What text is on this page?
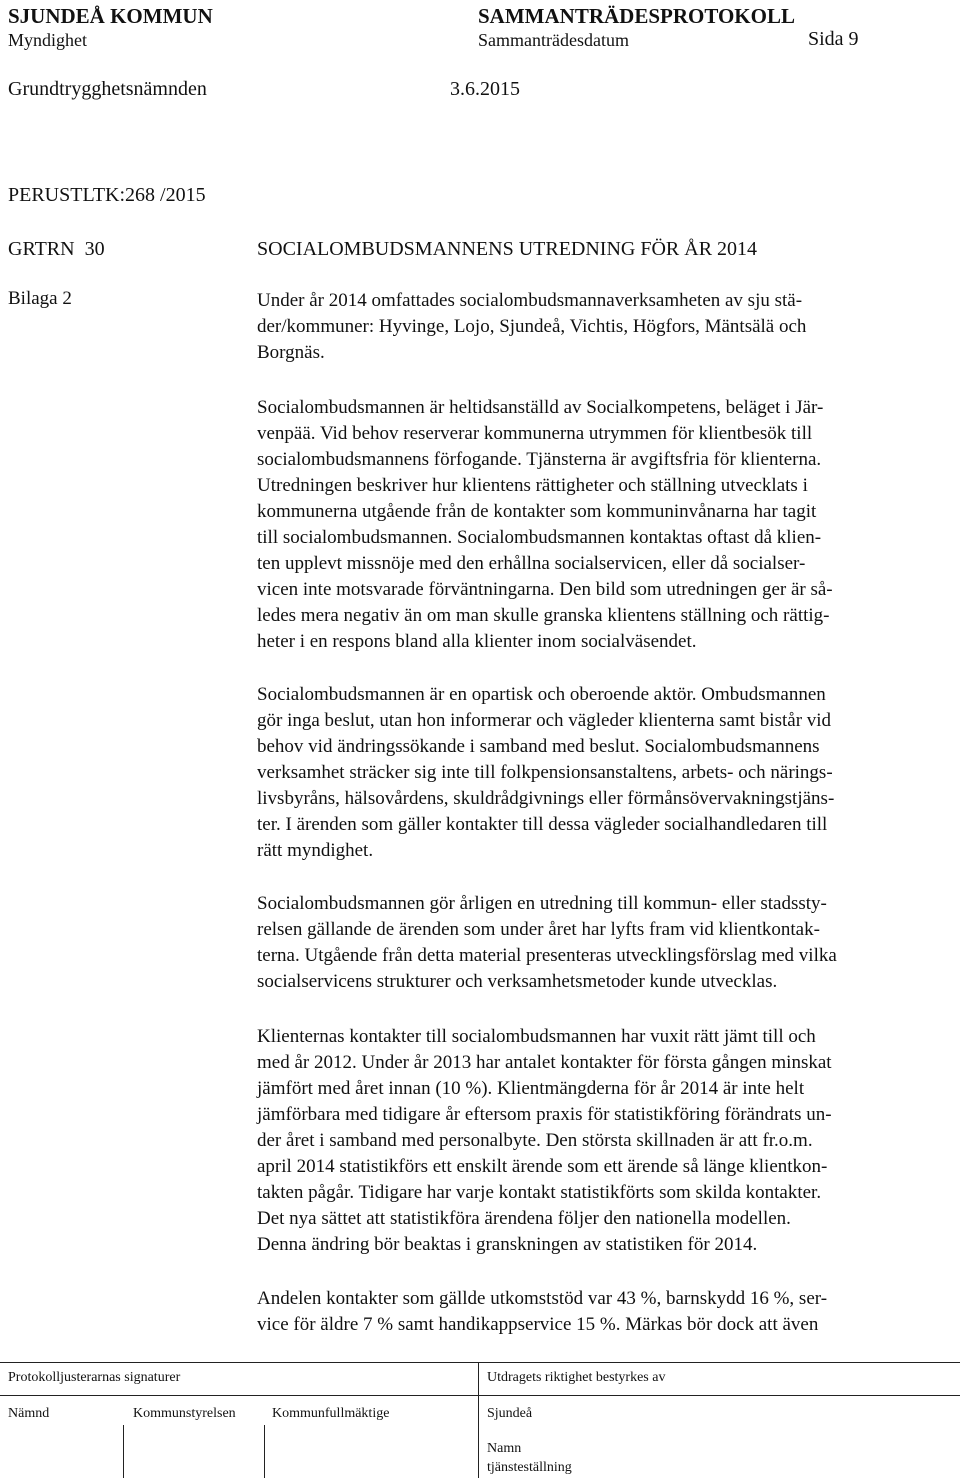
SJUNDEÅ KOMMUN	SAMMANTRÄDESPROTOKOLL
Myndighet	Sammanträdesdatum	Sida 9
Grundtrygghetsnämnden	3.6.2015
PERUSTLTK:268 /2015
GRTRN  30	SOCIALOMBUDSMANNENS UTREDNING FÖR ÅR 2014
Bilaga 2	Under år 2014 omfattades socialombudsmannaverksamheten av sju stä-

der/kommuner: Hyvinge, Lojo, Sjundeå, Vichtis, Högfors, Mäntsälä och

Borgnäs.

Socialombudsmannen är heltidsanställd av Socialkompetens, beläget i Jär-

venpää. Vid behov reserverar kommunerna utrymmen för klientbesök till

socialombudsmannens förfogande. Tjänsterna är avgiftsfria för klienterna.

Utredningen beskriver hur klientens rättigheter och ställning utvecklats i

kommunerna utgående från de kontakter som kommuninvånarna har tagit

till socialombudsmannen. Socialombudsmannen kontaktas oftast då klien-

ten upplevt missnöje med den erhållna socialservicen, eller då socialser-

vicen inte motsvarade förväntningarna. Den bild som utredningen ger är så-

ledes mera negativ än om man skulle granska klientens ställning och rättig-

heter i en respons bland alla klienter inom socialväsendet.

Socialombudsmannen är en opartisk och oberoende aktör. Ombudsmannen

gör inga beslut, utan hon informerar och vägleder klienterna samt bistår vid

behov vid ändringssökande i samband med beslut. Socialombudsmannens

verksamhet sträcker sig inte till folkpensionsanstaltens, arbets- och närings-

livsbyråns, hälsovårdens, skuldrådgivnings eller förmånsövervakningstjäns-

ter. I ärenden som gäller kontakter till dessa vägleder socialhandledaren till

rätt myndighet.

Socialombudsmannen gör årligen en utredning till kommun- eller stadssty-

relsen gällande de ärenden som under året har lyfts fram vid klientkontak-

terna. Utgående från detta material presenteras utvecklingsförslag med vilka

socialservicens strukturer och verksamhetsmetoder kunde utvecklas.

Klienternas kontakter till socialombudsmannen har vuxit rätt jämt till och

med år 2012. Under år 2013 har antalet kontakter för första gången minskat

jämfört med året innan (10 %). Klientmängderna för år 2014 är inte helt

jämförbara med tidigare år eftersom praxis för statistikföring förändrats un-

der året i samband med personalbyte. Den största skillnaden är att fr.o.m.

april 2014 statistikförs ett enskilt ärende som ett ärende så länge klientkon-

takten pågår. Tidigare har varje kontakt statistikförts som skilda kontakter.

Det nya sättet att statistikföra ärendena följer den nationella modellen.

Denna ändring bör beaktas i granskningen av statistiken för 2014.

Andelen kontakter som gällde utkomststöd var 43 %, barnskydd 16 %, ser-

vice för äldre 7 % samt handikappservice 15 %. Märkas bör dock att även

Protokolljusterarnas signaturer	Utdragets riktighet bestyrkes av
Nämnd	Kommunstyrelsen	Kommunfullmäktige	Sjundeå
Namn
tjänsteställning
